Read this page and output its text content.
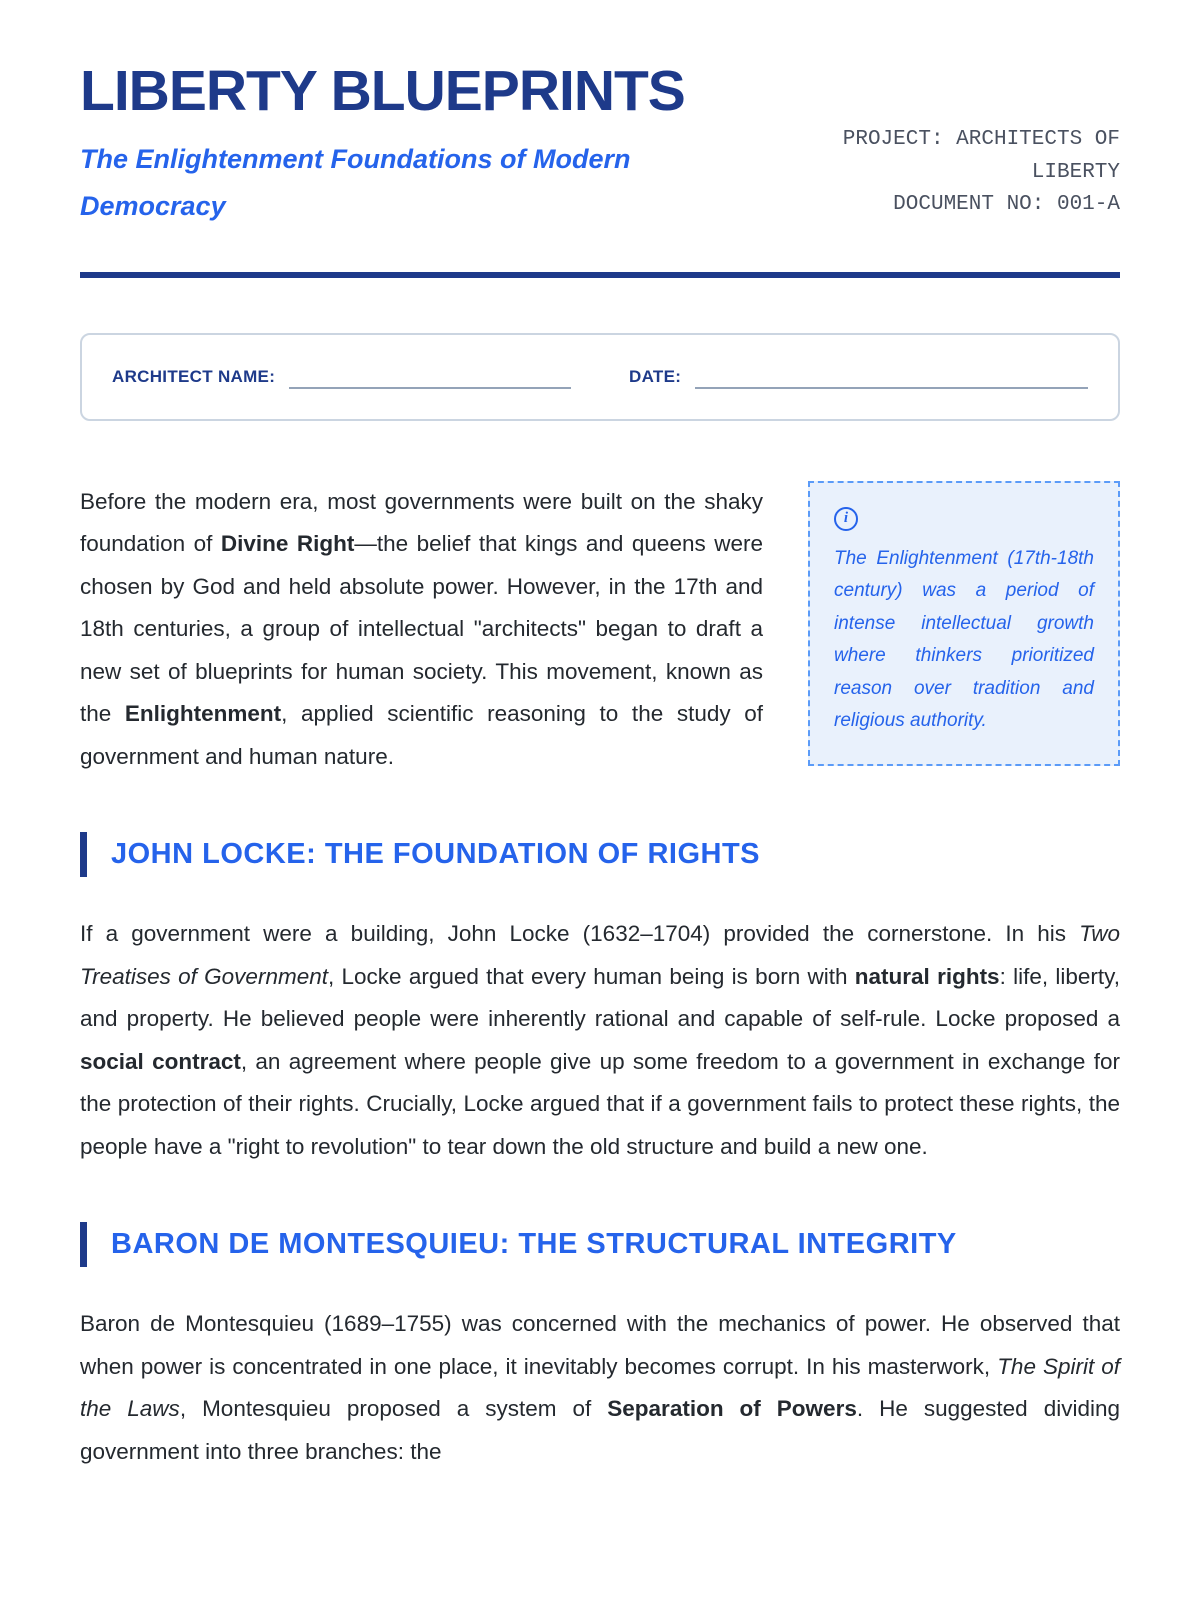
LIBERTY BLUEPRINTS
The Enlightenment Foundations of Modern Democracy
PROJECT: ARCHITECTS OF LIBERTY
DOCUMENT NO: 001-A
ARCHITECT NAME:	DATE:

Before the modern era, most governments were built on the shaky foundation of Divine Right—the belief that kings and queens were chosen by God and held absolute power. However, in the 17th and 18th centuries, a group of intellectual "architects" began to draft a new set of blueprints for human society. This movement, known as the Enlightenment, applied scientific reasoning to the study of government and human nature.

i
The Enlightenment (17th-18th century) was a period of intense intellectual growth where thinkers prioritized reason over tradition and religious authority.
JOHN LOCKE: THE FOUNDATION OF RIGHTS

If a government were a building, John Locke (1632–1704) provided the cornerstone. In his Two Treatises of Government, Locke argued that every human being is born with natural rights: life, liberty, and property. He believed people were inherently rational and capable of self-rule. Locke proposed a social contract, an agreement where people give up some freedom to a government in exchange for the protection of their rights. Crucially, Locke argued that if a government fails to protect these rights, the people have a "right to revolution" to tear down the old structure and build a new one.

BARON DE MONTESQUIEU: THE STRUCTURAL INTEGRITY

Baron de Montesquieu (1689–1755) was concerned with the mechanics of power. He observed that when power is concentrated in one place, it inevitably becomes corrupt. In his masterwork, The Spirit of the Laws, Montesquieu proposed a system of Separation of Powers. He suggested dividing government into three branches: the
